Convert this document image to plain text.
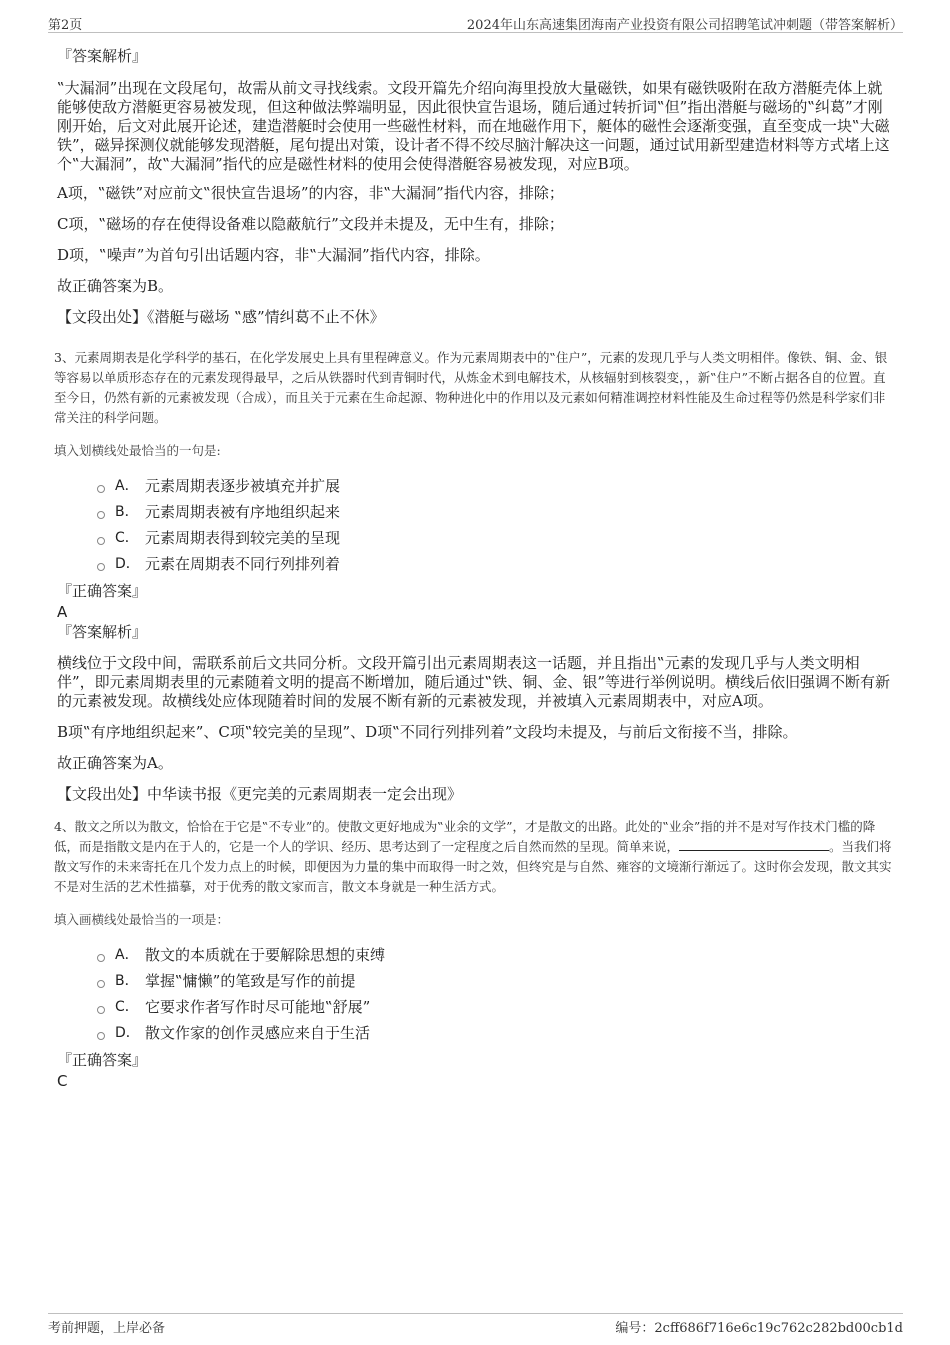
第2页	2024年山东高速集团海南产业投资有限公司招聘笔试冲刺题（带答案解析）

『答案解析』

‟大漏洞”出现在文段尾句，故需从前文寻找线索。文段开篇先介绍向海里投放大量磁铁，如果有磁铁吸附在敌方潜艇壳体上就能够使敌方潜艇更容易被发现，但这种做法弊端明显，因此很快宣告退场，随后通过转折词‟但”指出潜艇与磁场的‟纠葛”才刚刚开始，后文对此展开论述，建造潜艇时会使用一些磁性材料，而在地磁作用下，艇体的磁性会逐渐变强，直至变成一块‟大磁铁”，磁异探测仪就能够发现潜艇，尾句提出对策，设计者不得不绞尽脑汁解决这一问题，通过试用新型建造材料等方式堵上这个‟大漏洞”，故‟大漏洞”指代的应是磁性材料的使用会使得潜艇容易被发现，对应B项。

A项，‟磁铁”对应前文‟很快宣告退场”的内容，非‟大漏洞”指代内容，排除；

C项，‟磁场的存在使得设备难以隐蔽航行”文段并未提及，无中生有，排除；

D项，‟噪声”为首句引出话题内容，非‟大漏洞”指代内容，排除。

故正确答案为B。

【文段出处】《潜艇与磁场 ‟感”情纠葛不止不休》

3、元素周期表是化学科学的基石，在化学发展史上具有里程碑意义。作为元素周期表中的‟住户”，元素的发现几乎与人类文明相伴。像铁、铜、金、银等容易以单质形态存在的元素发现得最早，之后从铁器时代到青铜时代，从炼金术到电解技术，从核辐射到核裂变，，新‟住户”不断占据各自的位置。直至今日，仍然有新的元素被发现（合成），而且关于元素在生命起源、物种进化中的作用以及元素如何精准调控材料性能及生命过程等仍然是科学家们非常关注的科学问题。

填入划横线处最恰当的一句是:

A． 元素周期表逐步被填充并扩展
B． 元素周期表被有序地组织起来
C． 元素周期表得到较完美的呈现
D． 元素在周期表不同行列排列着

『正确答案』

A

『答案解析』

横线位于文段中间，需联系前后文共同分析。文段开篇引出元素周期表这一话题，并且指出‟元素的发现几乎与人类文明相伴”，即元素周期表里的元素随着文明的提高不断增加，随后通过‟铁、铜、金、银”等进行举例说明。横线后依旧强调不断有新的元素被发现。故横线处应体现随着时间的发展不断有新的元素被发现，并被填入元素周期表中，对应A项。

B项‟有序地组织起来”、C项‟较完美的呈现”、D项‟不同行列排列着”文段均未提及，与前后文衔接不当，排除。

故正确答案为A。

【文段出处】中华读书报《更完美的元素周期表一定会出现》

4、散文之所以为散文，恰恰在于它是‟不专业”的。使散文更好地成为‟业余的文学”，才是散文的出路。此处的‟业余”指的并不是对写作技术门槛的降低，而是指散文是内在于人的，它是一个人的学识、经历、思考达到了一定程度之后自然而然的呈现。简单来说，	。当我们将散文写作的未来寄托在几个发力点上的时候，即便因为力量的集中而取得一时之效，但终究是与自然、雍容的文境渐行渐远了。这时你会发现，散文其实不是对生活的艺术性描摹，对于优秀的散文家而言，散文本身就是一种生活方式。

填入画横线处最恰当的一项是：

A． 散文的本质就在于要解除思想的束缚
B． 掌握‟慵懒”的笔致是写作的前提
C． 它要求作者写作时尽可能地‟舒展”
D． 散文作家的创作灵感应来自于生活

『正确答案』

C

考前押题，上岸必备	编号：2cff686f716e6c19c762c282bd00cb1d
